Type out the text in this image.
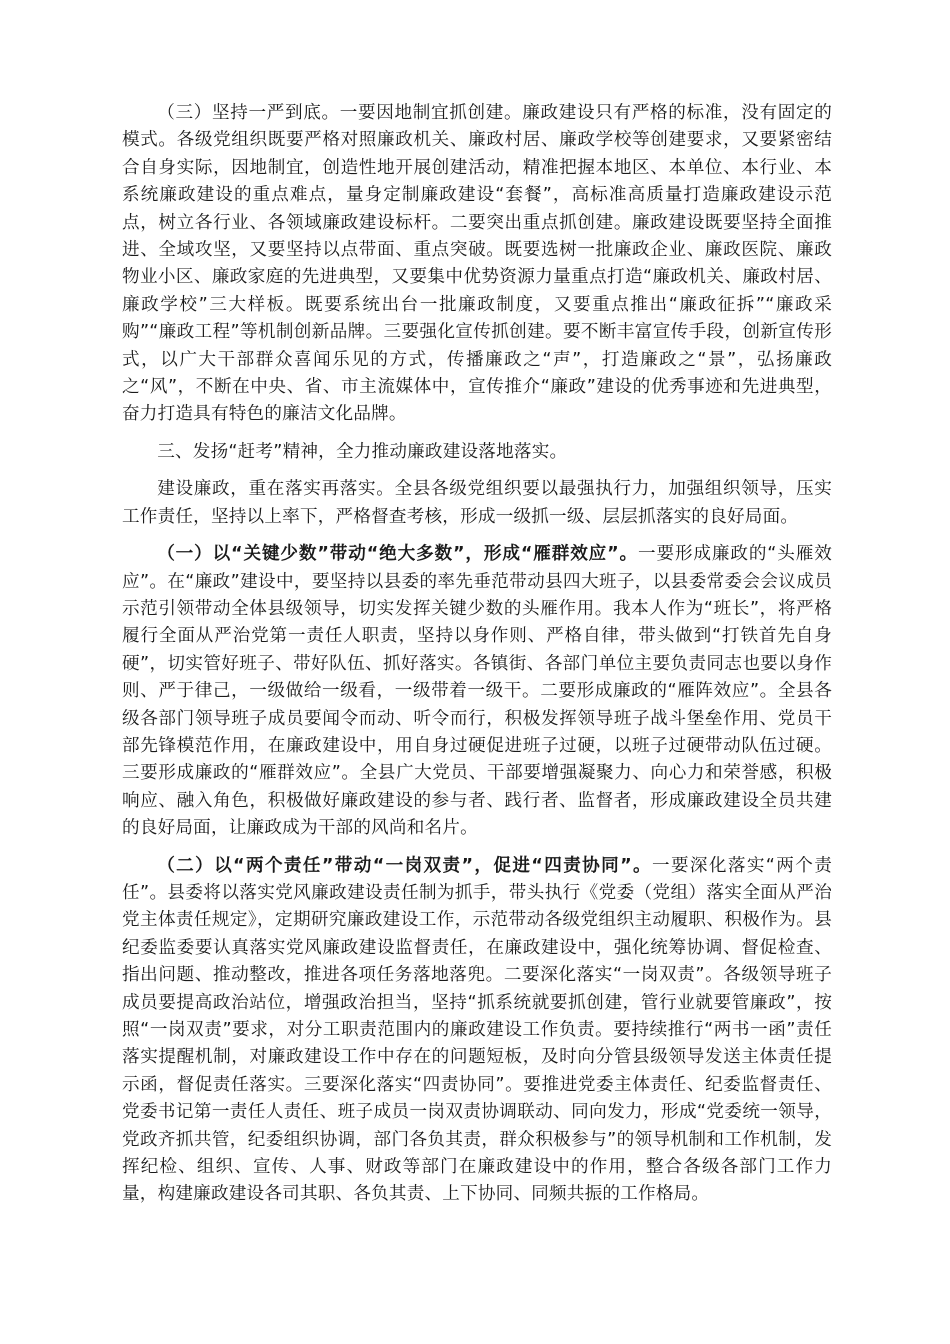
（三）坚持一严到底。一要因地制宜抓创建。廉政建设只有严格的标准，没有固定的模式。各级党组织既要严格对照廉政机关、廉政村居、廉政学校等创建要求，又要紧密结合自身实际，因地制宜，创造性地开展创建活动，精准把握本地区、本单位、本行业、本系统廉政建设的重点难点，量身定制廉政建设“套餐”，高标准高质量打造廉政建设示范点，树立各行业、各领域廉政建设标杆。二要突出重点抓创建。廉政建设既要坚持全面推进、全域攻坚，又要坚持以点带面、重点突破。既要选树一批廉政企业、廉政医院、廉政物业小区、廉政家庭的先进典型，又要集中优势资源力量重点打造“廉政机关、廉政村居、廉政学校”三大样板。既要系统出台一批廉政制度，又要重点推出“廉政征拆”“廉政采购”“廉政工程”等机制创新品牌。三要强化宣传抓创建。要不断丰富宣传手段，创新宣传形式，以广大干部群众喜闻乐见的方式，传播廉政之“声”，打造廉政之“景”，弘扬廉政之“风”，不断在中央、省、市主流媒体中，宣传推介“廉政”建设的优秀事迹和先进典型，奋力打造具有特色的廉洁文化品牌。

三、发扬“赶考”精神，全力推动廉政建设落地落实。

建设廉政，重在落实再落实。全县各级党组织要以最强执行力，加强组织领导，压实工作责任，坚持以上率下，严格督查考核，形成一级抓一级、层层抓落实的良好局面。

（一）以“关键少数”带动“绝大多数”，形成“雁群效应”。一要形成廉政的“头雁效应”。在“廉政”建设中，要坚持以县委的率先垂范带动县四大班子，以县委常委会会议成员示范引领带动全体县级领导，切实发挥关键少数的头雁作用。我本人作为“班长”，将严格履行全面从严治党第一责任人职责，坚持以身作则、严格自律，带头做到“打铁首先自身硬”，切实管好班子、带好队伍、抓好落实。各镇街、各部门单位主要负责同志也要以身作则、严于律己，一级做给一级看，一级带着一级干。二要形成廉政的“雁阵效应”。全县各级各部门领导班子成员要闻令而动、听令而行，积极发挥领导班子战斗堡垒作用、党员干部先锋模范作用，在廉政建设中，用自身过硬促进班子过硬，以班子过硬带动队伍过硬。三要形成廉政的“雁群效应”。全县广大党员、干部要增强凝聚力、向心力和荣誉感，积极响应、融入角色，积极做好廉政建设的参与者、践行者、监督者，形成廉政建设全员共建的良好局面，让廉政成为干部的风尚和名片。

（二）以“两个责任”带动“一岗双责”，促进“四责协同”。一要深化落实“两个责任”。县委将以落实党风廉政建设责任制为抓手，带头执行《党委（党组）落实全面从严治党主体责任规定》，定期研究廉政建设工作，示范带动各级党组织主动履职、积极作为。县纪委监委要认真落实党风廉政建设监督责任，在廉政建设中，强化统筹协调、督促检查、指出问题、推动整改，推进各项任务落地落兜。二要深化落实“一岗双责”。各级领导班子成员要提高政治站位，增强政治担当，坚持“抓系统就要抓创建，管行业就要管廉政”，按照“一岗双责”要求，对分工职责范围内的廉政建设工作负责。要持续推行“两书一函”责任落实提醒机制，对廉政建设工作中存在的问题短板，及时向分管县级领导发送主体责任提示函，督促责任落实。三要深化落实“四责协同”。要推进党委主体责任、纪委监督责任、党委书记第一责任人责任、班子成员一岗双责协调联动、同向发力，形成“党委统一领导，党政齐抓共管，纪委组织协调，部门各负其责，群众积极参与”的领导机制和工作机制，发挥纪检、组织、宣传、人事、财政等部门在廉政建设中的作用，整合各级各部门工作力量，构建廉政建设各司其职、各负其责、上下协同、同频共振的工作格局。
